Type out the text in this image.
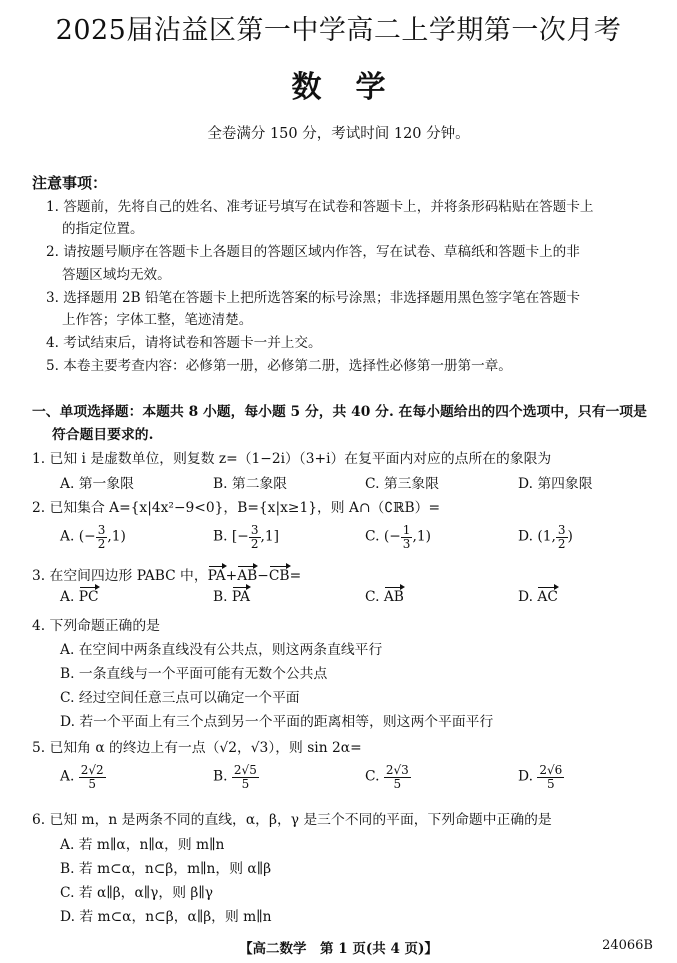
2025届沾益区第一中学高二上学期第一次月考
数学
全卷满分 150 分，考试时间 120 分钟。
注意事项：
1. 答题前，先将自己的姓名、准考证号填写在试卷和答题卡上，并将条形码粘贴在答题卡上
的指定位置。
2. 请按题号顺序在答题卡上各题目的答题区域内作答，写在试卷、草稿纸和答题卡上的非
答题区域均无效。
3. 选择题用 2B 铅笔在答题卡上把所选答案的标号涂黑；非选择题用黑色签字笔在答题卡
上作答；字体工整，笔迹清楚。
4. 考试结束后，请将试卷和答题卡一并上交。
5. 本卷主要考查内容：必修第一册，必修第二册，选择性必修第一册第一章。
一、单项选择题：本题共 8 小题，每小题 5 分，共 40 分. 在每小题给出的四个选项中，只有一项是
符合题目要求的.
1. 已知 i 是虚数单位，则复数 z=（1−2i）（3+i）在复平面内对应的点所在的象限为
A. 第一象限	B. 第二象限	C. 第三象限	D. 第四象限
2. 已知集合 A={x|4x²−9<0}，B={x|x≥1}，则 A∩（∁ℝB）=
A. (− $\frac{3}{2} ,1$)	B. [− $\frac{3}{2} ,1$]	C. (− $\frac{1}{3} ,1$)	D. (1, $\frac{3}{2}$ )
3. 在空间四边形 PABC 中，PA+AB−CB=
A. PC	B. PA	C. AB	D. AC
4. 下列命题正确的是
A. 在空间中两条直线没有公共点，则这两条直线平行
B. 一条直线与一个平面可能有无数个公共点
C. 经过空间任意三点可以确定一个平面
D. 若一个平面上有三个点到另一个平面的距离相等，则这两个平面平行
5. 已知角 α 的终边上有一点（√2，√3），则 sin 2α=
A. $\frac{2√2}{5}$	B. $\frac{2√5}{5}$	C. $\frac{2√3}{5}$	D. $\frac{2√6}{5}$
6. 已知 m，n 是两条不同的直线，α，β，γ 是三个不同的平面，下列命题中正确的是
A. 若 m∥α，n∥α，则 m∥n
B. 若 m⊂α，n⊂β，m∥n，则 α∥β
C. 若 α∥β，α∥γ，则 β∥γ
D. 若 m⊂α，n⊂β，α∥β，则 m∥n
【高二数学　第 1 页(共 4 页)】	24066B
